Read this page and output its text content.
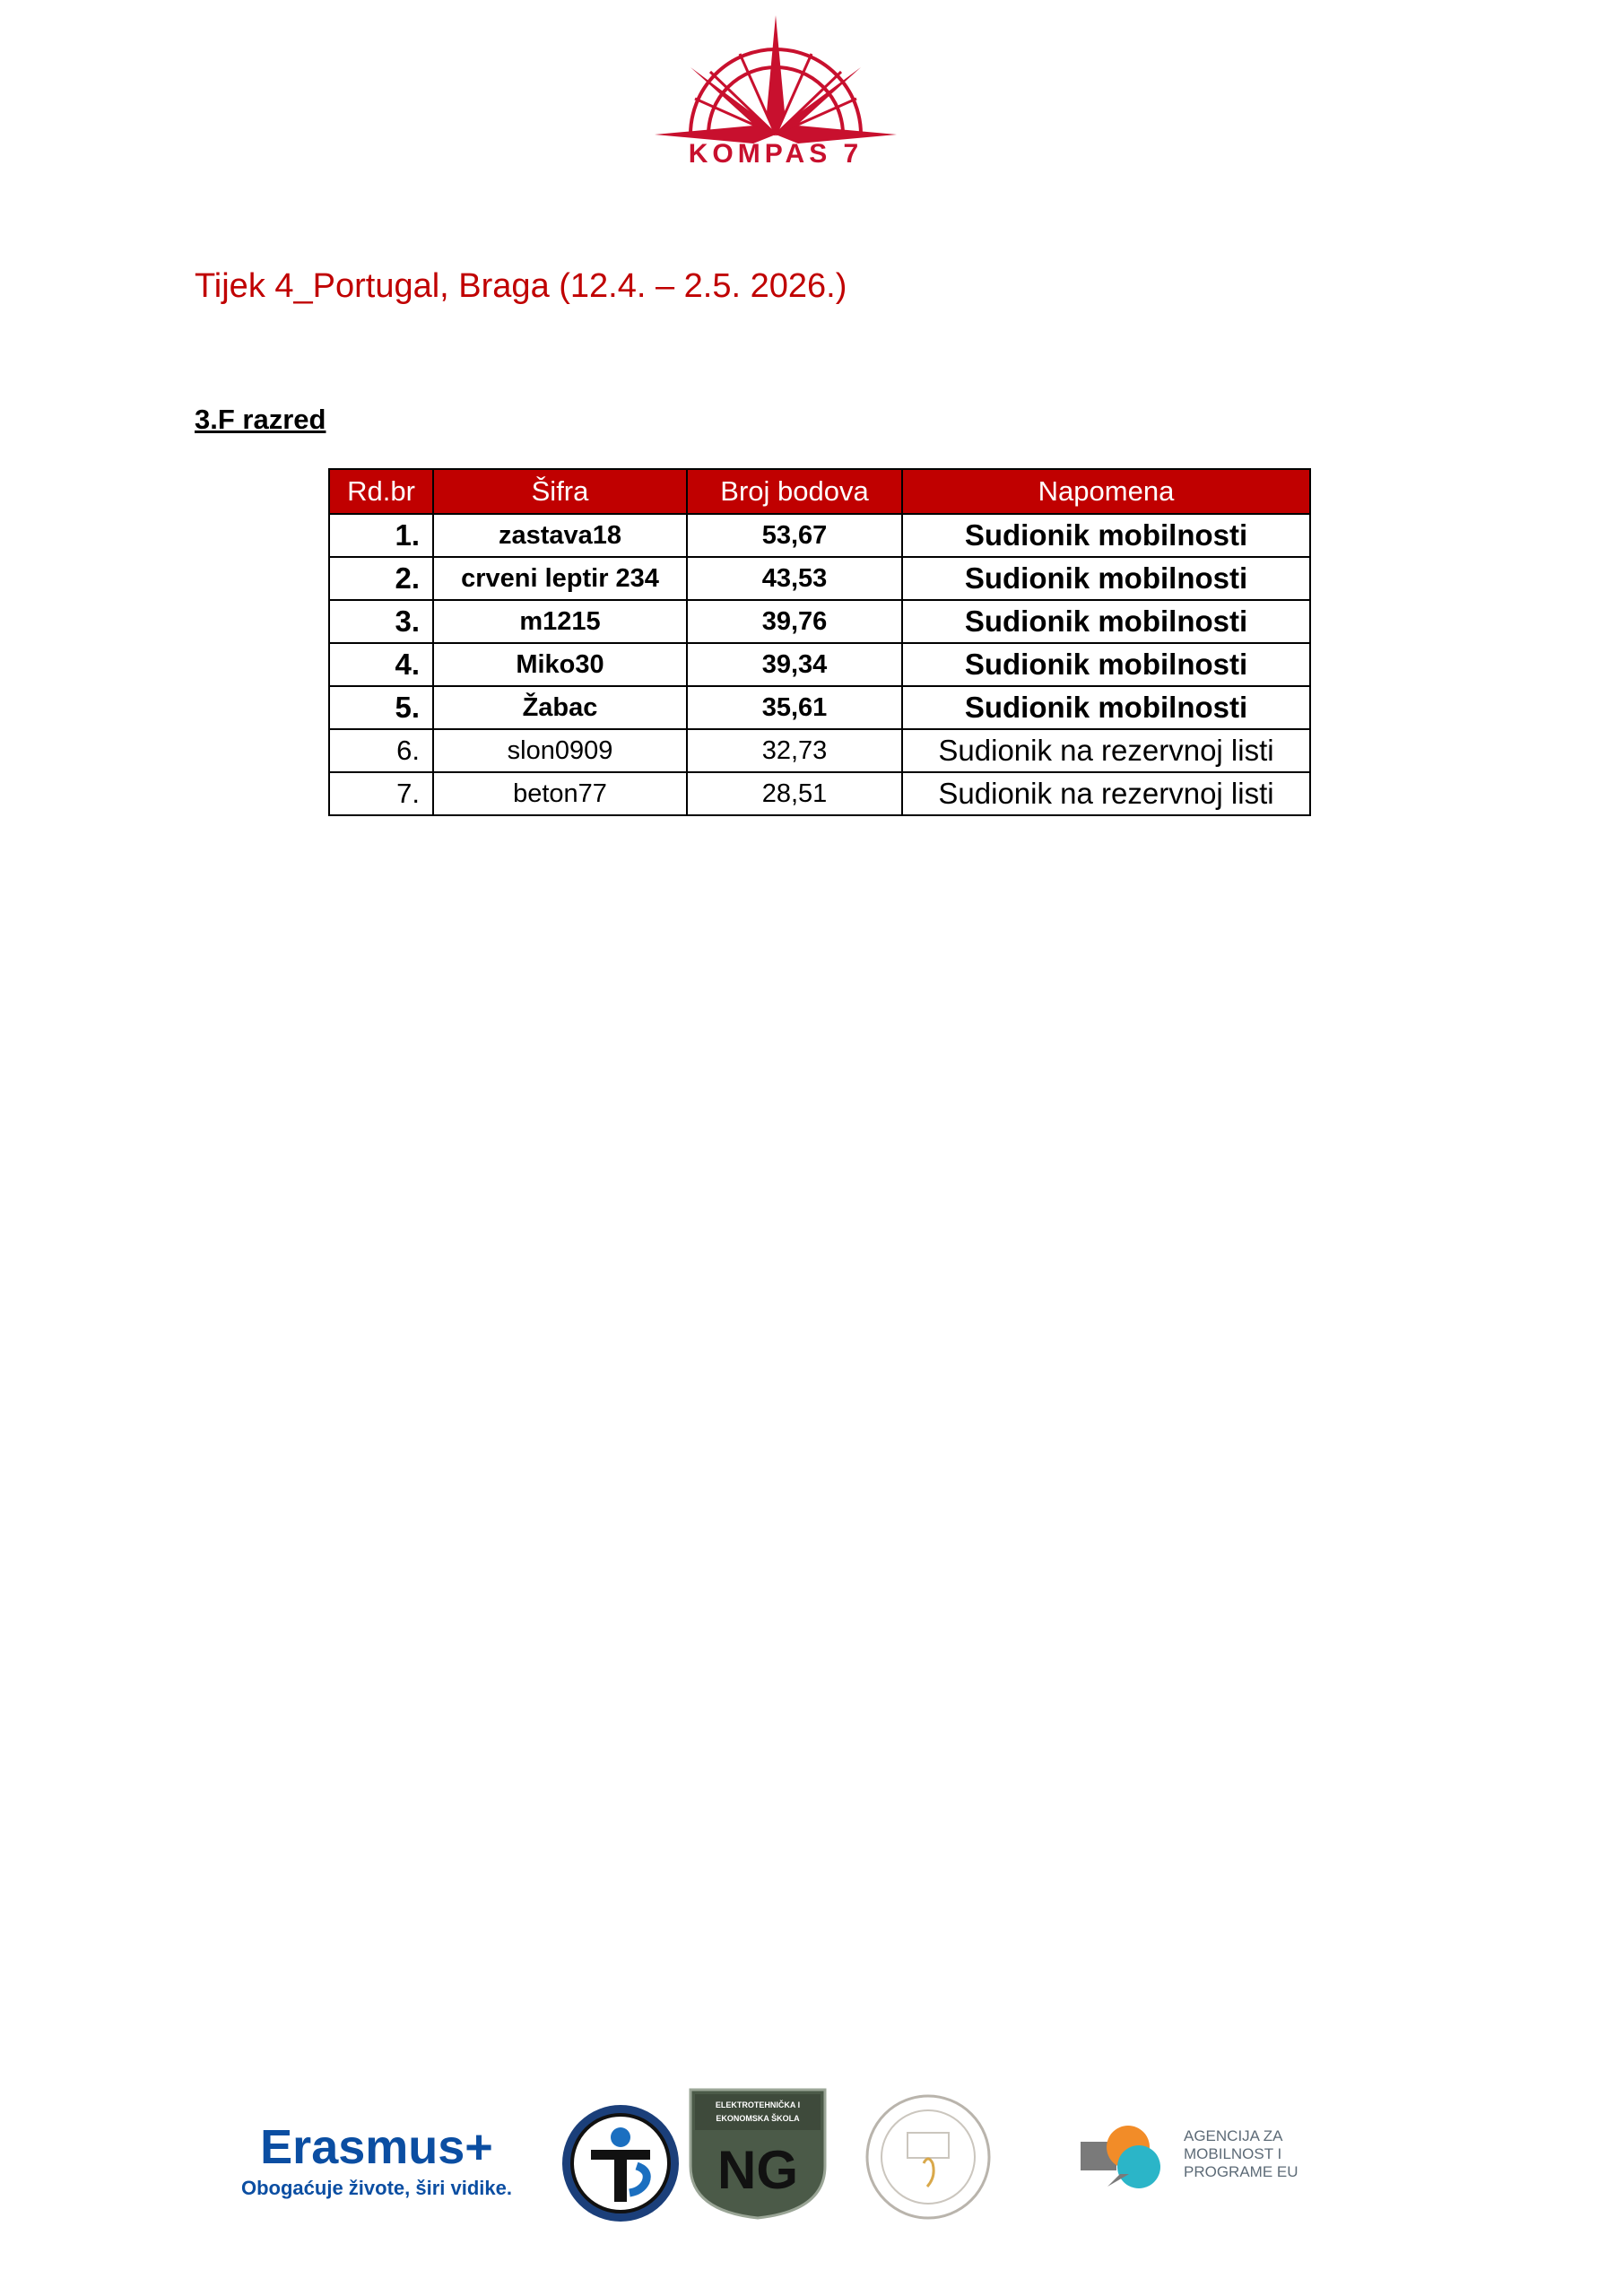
KOMPAS 7
Tijek 4_Portugal, Braga (12.4. – 2.5. 2026.)
3.F razred
Rd.br	Šifra	Broj bodova	Napomena
1.	zastava18	53,67	Sudionik mobilnosti
2.	crveni leptir 234	43,53	Sudionik mobilnosti
3.	m1215	39,76	Sudionik mobilnosti
4.	Miko30	39,34	Sudionik mobilnosti
5.	Žabac	35,61	Sudionik mobilnosti
6.	slon0909	32,73	Sudionik na rezervnoj listi
7.	beton77	28,51	Sudionik na rezervnoj listi
Erasmus+
Obogaćuje živote, širi vidike.
ELEKTROTEHNIČKA I
EKONOMSKA ŠKOLA
NG
AGENCIJA ZA
MOBILNOST I
PROGRAME EU
